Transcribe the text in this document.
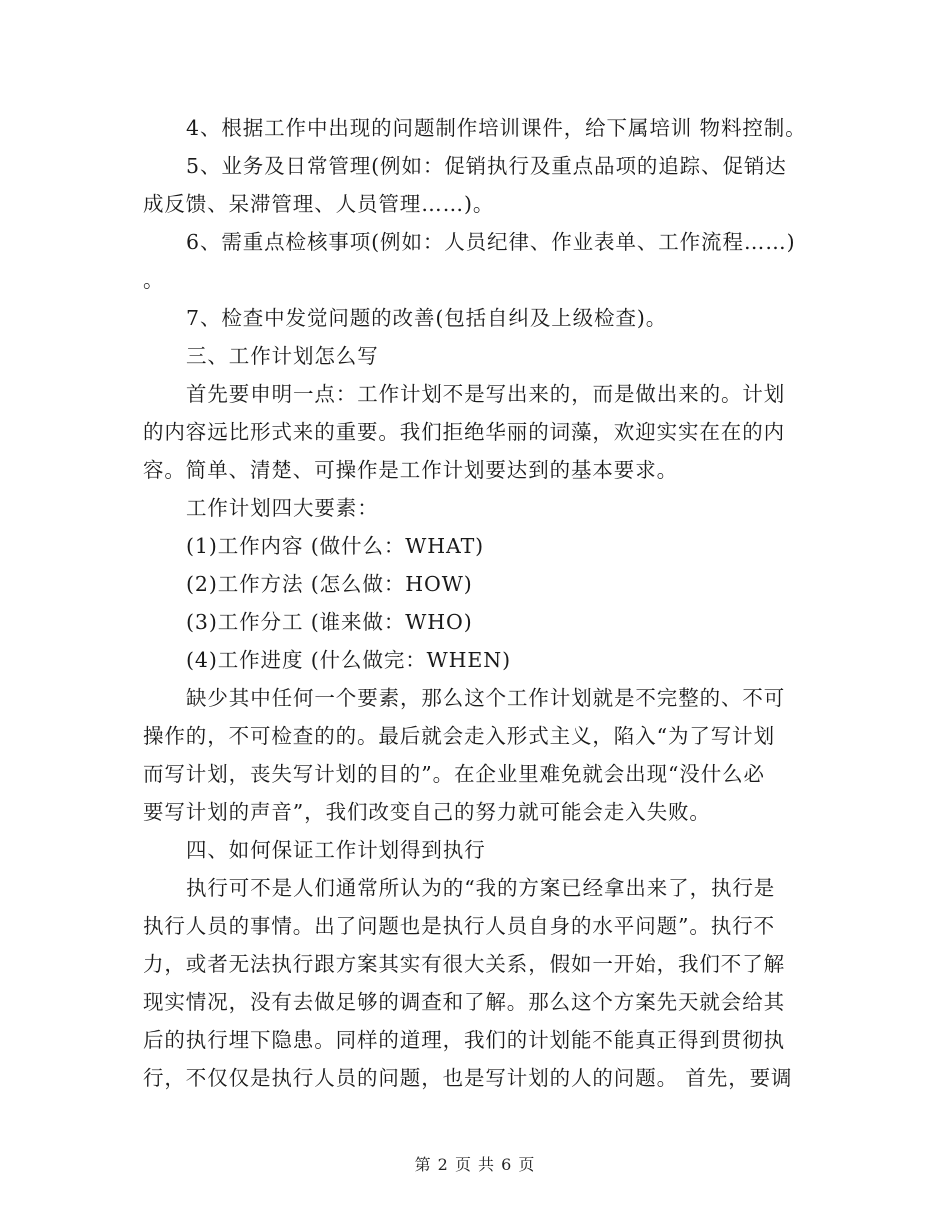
4、根据工作中出现的问题制作培训课件，给下属培训 物料控制。
5、业务及日常管理(例如：促销执行及重点品项的追踪、促销达
成反馈、呆滞管理、人员管理……)。
6、需重点检核事项(例如：人员纪律、作业表单、工作流程……)
。
7、检查中发觉问题的改善(包括自纠及上级检查)。
三、工作计划怎么写
首先要申明一点：工作计划不是写出来的，而是做出来的。计划
的内容远比形式来的重要。我们拒绝华丽的词藻，欢迎实实在在的内
容。简单、清楚、可操作是工作计划要达到的基本要求。
工作计划四大要素：
(1)工作内容 (做什么：WHAT)
(2)工作方法 (怎么做：HOW)
(3)工作分工 (谁来做：WHO)
(4)工作进度 (什么做完：WHEN)
缺少其中任何一个要素，那么这个工作计划就是不完整的、不可
操作的，不可检查的的。最后就会走入形式主义，陷入“为了写计划
而写计划，丧失写计划的目的”。在企业里难免就会出现“没什么必
要写计划的声音”，我们改变自己的努力就可能会走入失败。
四、如何保证工作计划得到执行
执行可不是人们通常所认为的“我的方案已经拿出来了，执行是
执行人员的事情。出了问题也是执行人员自身的水平问题”。执行不
力，或者无法执行跟方案其实有很大关系，假如一开始，我们不了解
现实情况，没有去做足够的调查和了解。那么这个方案先天就会给其
后的执行埋下隐患。同样的道理，我们的计划能不能真正得到贯彻执
行，不仅仅是执行人员的问题，也是写计划的人的问题。 首先，要调
第 2 页 共 6 页
